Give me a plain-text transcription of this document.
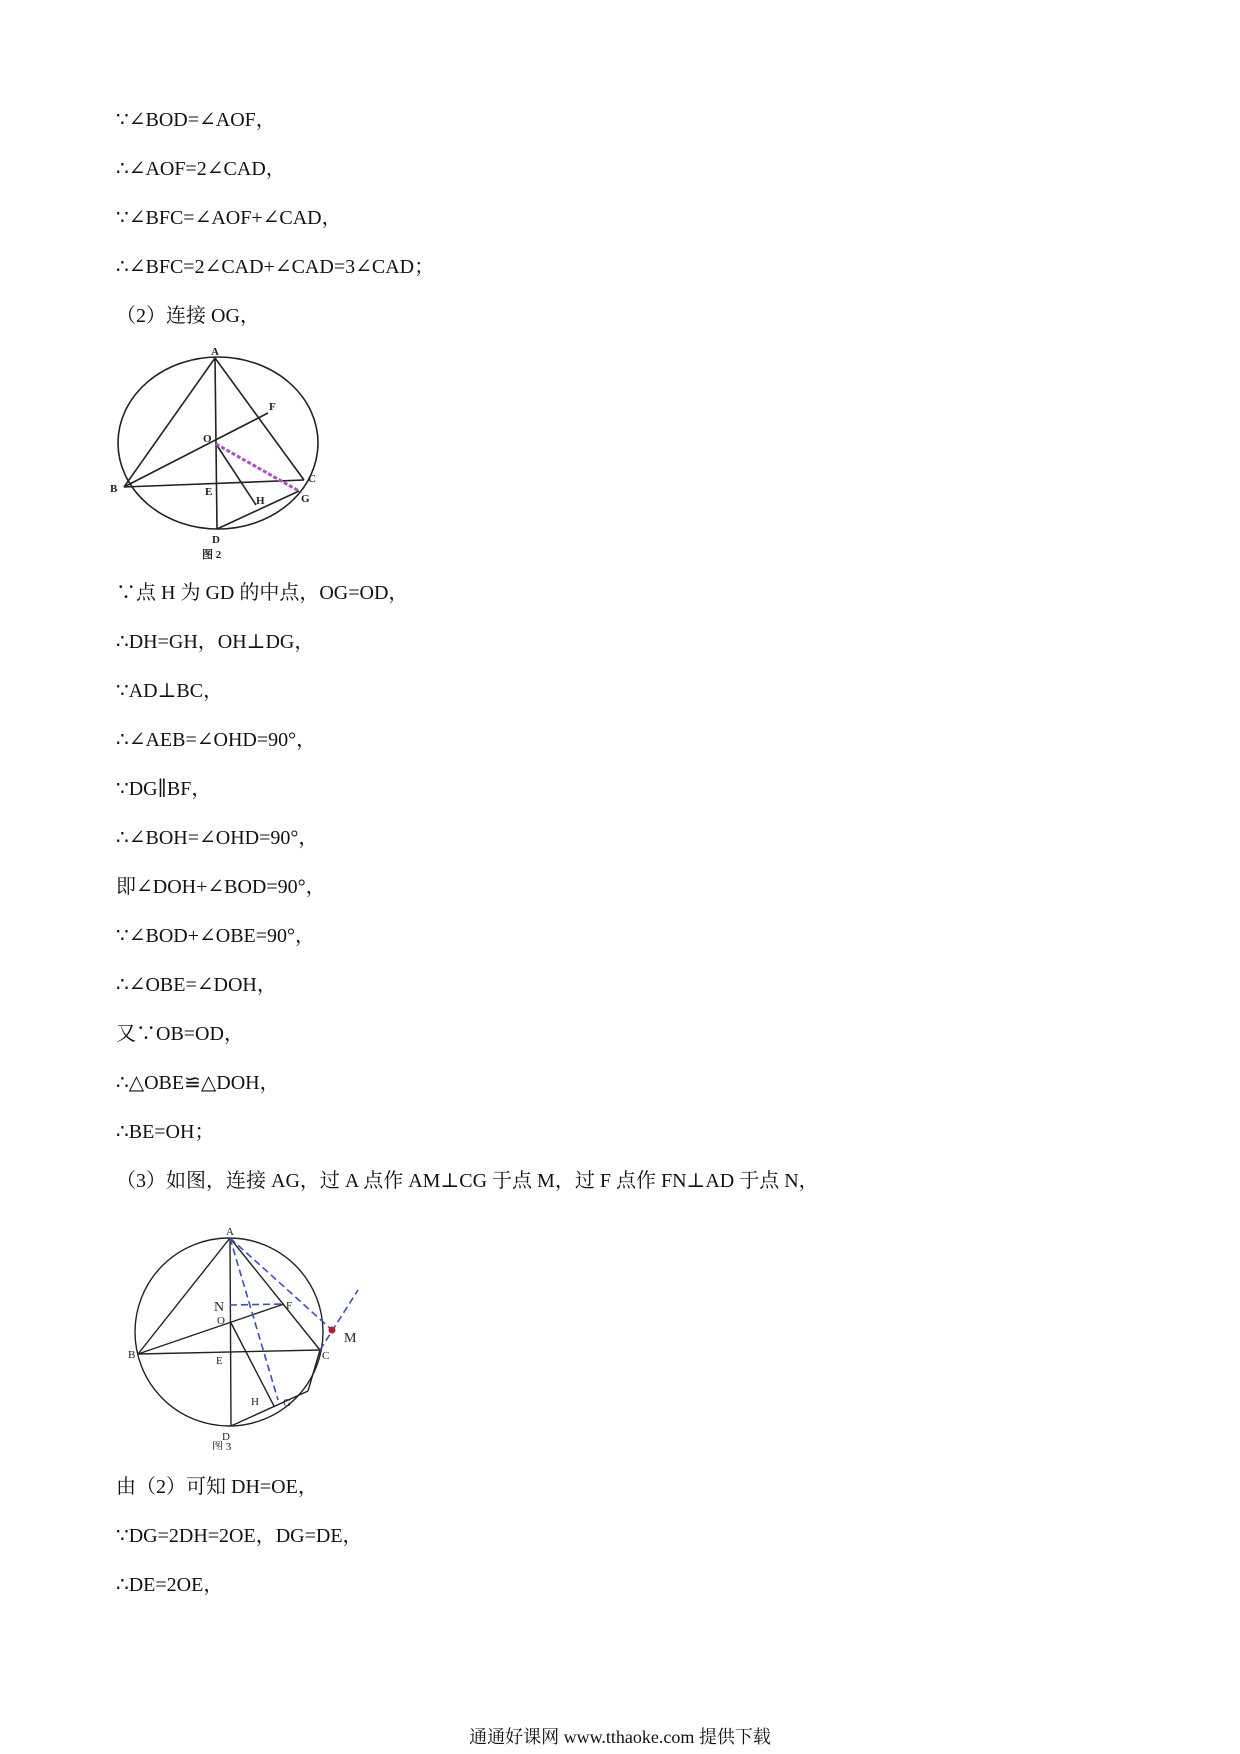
∵∠BOD=∠AOF，
∴∠AOF=2∠CAD，
∵∠BFC=∠AOF+∠CAD，
∴∠BFC=2∠CAD+∠CAD=3∠CAD；
（2）连接 OG，
A
F
O
B	E
C
G
H
D
图 2
∵点 H 为 GD 的中点，OG=OD，
∴DH=GH，OH⊥DG，
∵AD⊥BC，
∴∠AEB=∠OHD=90°，
∵DG∥BF，
∴∠BOH=∠OHD=90°，
即∠DOH+∠BOD=90°，
∵∠BOD+∠OBE=90°，
∴∠OBE=∠DOH，
又∵OB=OD，
∴△OBE≌△DOH，
∴BE=OH；
（3）如图，连接 AG，过 A 点作 AM⊥CG 于点 M，过 F 点作 FN⊥AD 于点 N，
A
N	F
O
M
B	E	C
H G
D
图 3
由（2）可知 DH=OE，
∵DG=2DH=2OE，DG=DE，
∴DE=2OE，
通通好课网 www.tthaoke.com 提供下载
